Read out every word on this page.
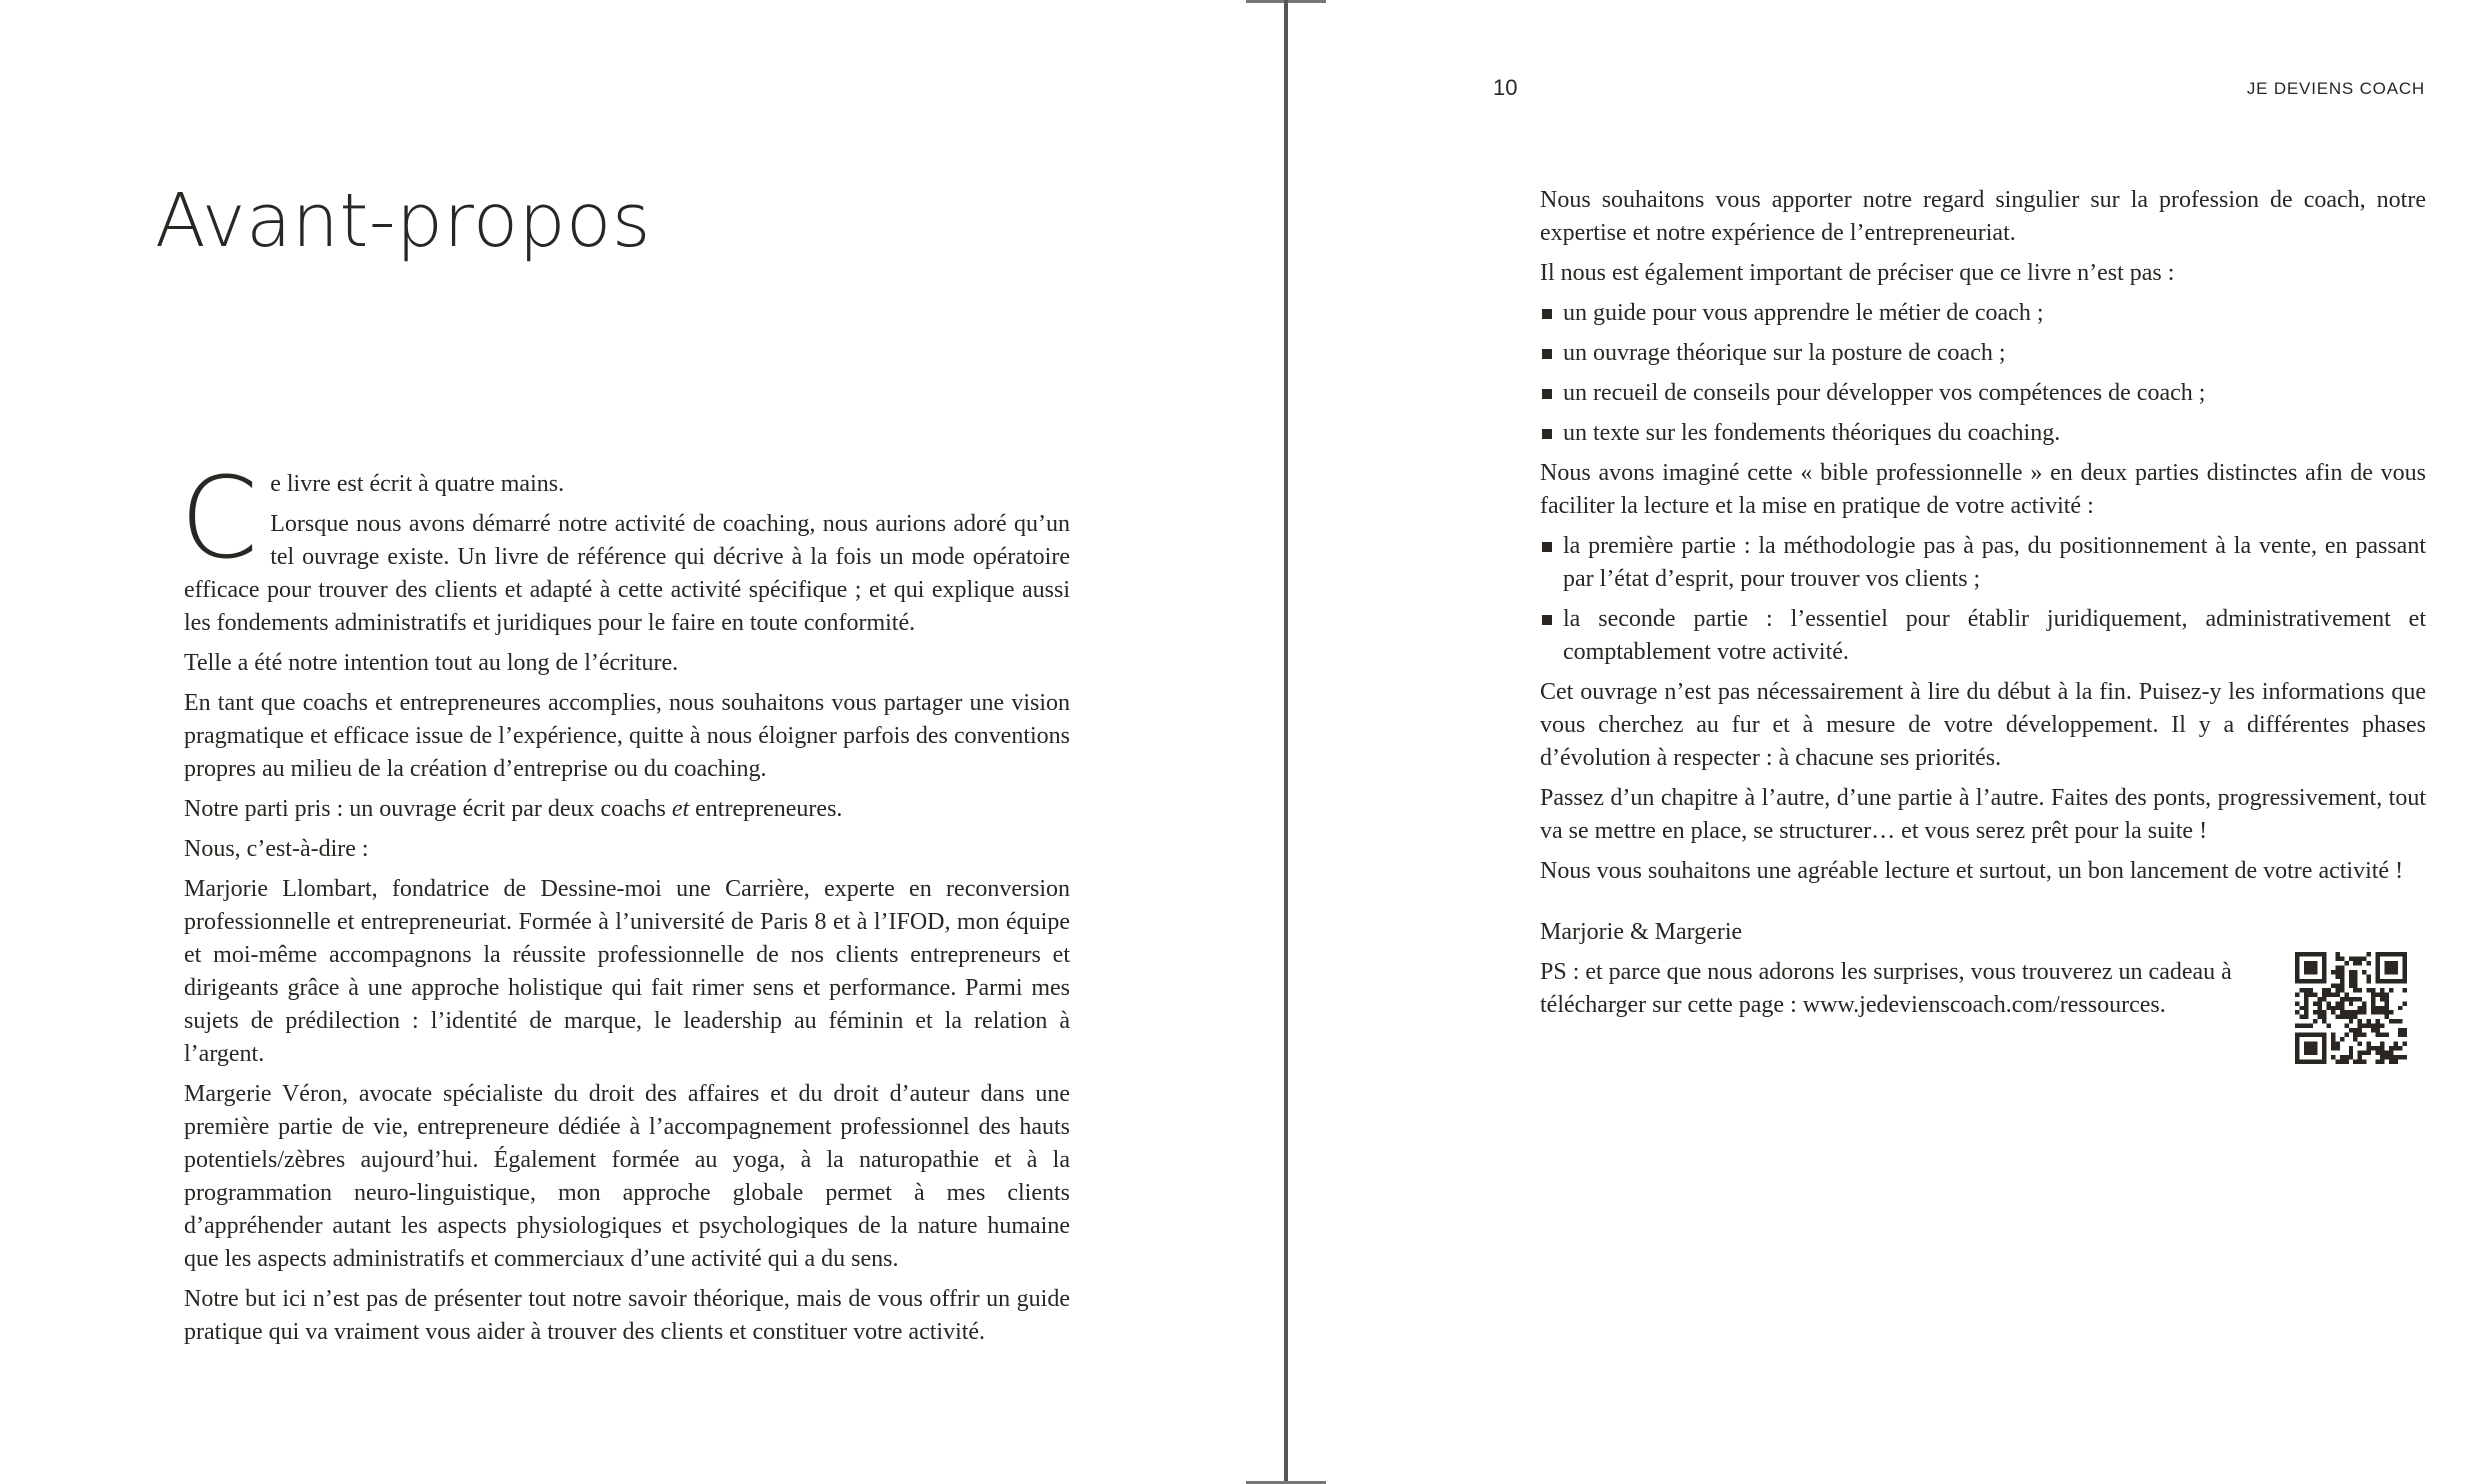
Avant-propos

Ce livre est écrit à quatre mains.

Lorsque nous avons démarré notre activité de coaching, nous aurions adoré qu’un tel ouvrage existe. Un livre de référence qui décrive à la fois un mode opératoire efficace pour trouver des clients et adapté à cette activité spécifique ; et qui explique aussi les fondements administratifs et juridiques pour le faire en toute conformité.

Telle a été notre intention tout au long de l’écriture.

En tant que coachs et entrepreneures accomplies, nous souhaitons vous partager une vision pragmatique et efficace issue de l’expérience, quitte à nous éloigner parfois des conventions propres au milieu de la création d’entreprise ou du coaching.

Notre parti pris : un ouvrage écrit par deux coachs et entrepreneures.

Nous, c’est-à-dire :

Marjorie Llombart, fondatrice de Dessine-moi une Carrière, experte en reconversion professionnelle et entrepreneuriat. Formée à l’université de Paris 8 et à l’IFOD, mon équipe et moi-même accompagnons la réussite professionnelle de nos clients entrepreneurs et dirigeants grâce à une approche holistique qui fait rimer sens et performance. Parmi mes sujets de prédilection : l’identité de marque, le leadership au féminin et la relation à l’argent.

Margerie Véron, avocate spécialiste du droit des affaires et du droit d’auteur dans une première partie de vie, entrepreneure dédiée à l’accompagnement professionnel des hauts potentiels/zèbres aujourd’hui. Également formée au yoga, à la naturopathie et à la programmation neuro-linguistique, mon approche globale permet à mes clients d’appréhender autant les aspects physiologiques et psychologiques de la nature humaine que les aspects administratifs et commerciaux d’une activité qui a du sens.

Notre but ici n’est pas de présenter tout notre savoir théorique, mais de vous offrir un guide pratique qui va vraiment vous aider à trouver des clients et constituer votre activité.

10	JE DEVIENS COACH

Nous souhaitons vous apporter notre regard singulier sur la profession de coach, notre expertise et notre expérience de l’entrepreneuriat.

Il nous est également important de préciser que ce livre n’est pas :

un guide pour vous apprendre le métier de coach ;
un ouvrage théorique sur la posture de coach ;
un recueil de conseils pour développer vos compétences de coach ;
un texte sur les fondements théoriques du coaching.

Nous avons imaginé cette « bible professionnelle » en deux parties distinctes afin de vous faciliter la lecture et la mise en pratique de votre activité :

la première partie : la méthodologie pas à pas, du positionnement à la vente, en passant par l’état d’esprit, pour trouver vos clients ;
la seconde partie : l’essentiel pour établir juridiquement, administrativement et comptablement votre activité.

Cet ouvrage n’est pas nécessairement à lire du début à la fin. Puisez-y les informations que vous cherchez au fur et à mesure de votre développement. Il y a différentes phases d’évolution à respecter : à chacune ses priorités.

Passez d’un chapitre à l’autre, d’une partie à l’autre. Faites des ponts, progressivement, tout va se mettre en place, se structurer… et vous serez prêt pour la suite !

Nous vous souhaitons une agréable lecture et surtout, un bon lancement de votre activité !

Marjorie & Margerie

PS : et parce que nous adorons les surprises, vous trouverez un cadeau à télécharger sur cette page : www.jedevienscoach.com/ressources.
